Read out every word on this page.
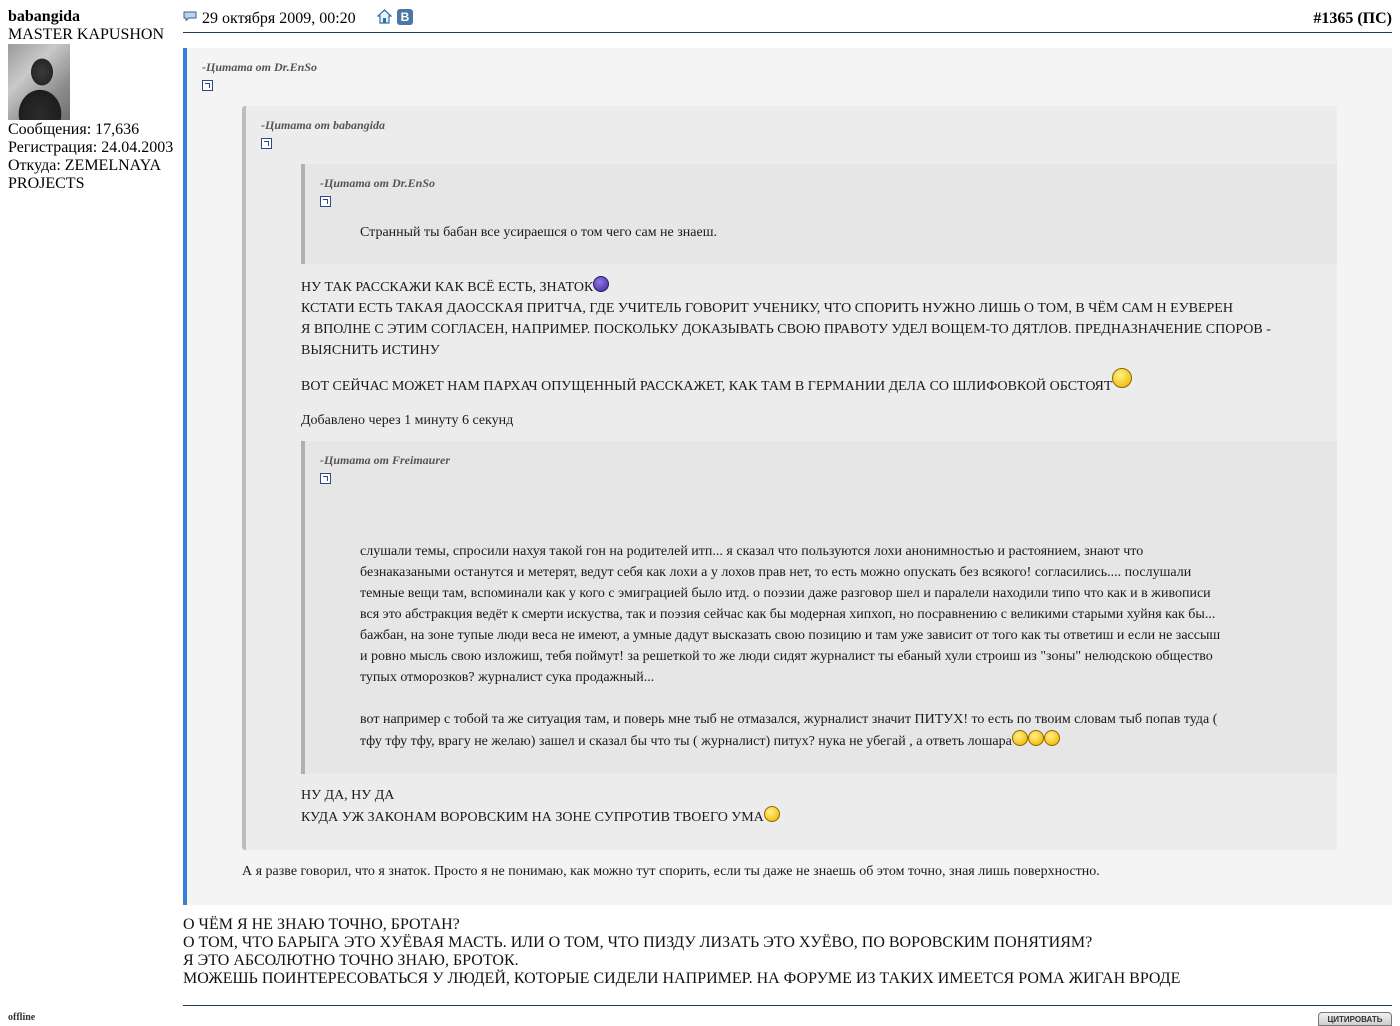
babangida
MASTER KAPUSHON
Сообщения: 17,636
Регистрация: 24.04.2003
Откуда: ZEMELNAYA PROJECTS
offline
29 октября 2009, 00:20	В	#1365 (ПС)
-Цитата от Dr.EnSo
-Цитата от babangida
-Цитата от Dr.EnSo
Странный ты бабан все усираешся о том чего сам не знаеш.
НУ ТАК РАССКАЖИ КАК ВСЁ ЕСТЬ, ЗНАТОК
КСТАТИ ЕСТЬ ТАКАЯ ДАОССКАЯ ПРИТЧА, ГДЕ УЧИТЕЛЬ ГОВОРИТ УЧЕНИКУ, ЧТО СПОРИТЬ НУЖНО ЛИШЬ О ТОМ, В ЧЁМ САМ Н ЕУВЕРЕН
Я ВПОЛНЕ С ЭТИМ СОГЛАСЕН, НАПРИМЕР. ПОСКОЛЬКУ ДОКАЗЫВАТЬ СВОЮ ПРАВОТУ УДЕЛ ВОЩЕМ-ТО ДЯТЛОВ. ПРЕДНАЗНАЧЕНИЕ СПОРОВ -
ВЫЯСНИТЬ ИСТИНУ
ВОТ СЕЙЧАС МОЖЕТ НАМ ПАРХАЧ ОПУЩЕННЫЙ РАССКАЖЕТ, КАК ТАМ В ГЕРМАНИИ ДЕЛА СО ШЛИФОВКОЙ ОБСТОЯТ
Добавлено через 1 минуту 6 секунд
-Цитата от Freimaurer
слушали темы, спросили нахуя такой гон на родителей итп... я сказал что пользуются лохи анонимностью и растоянием, знают что
безнаказаными останутся и метерят, ведут себя как лохи а у лохов прав нет, то есть можно опускать без всякого! согласились.... послушали
темные вещи там, вспоминали как у кого с эмиграцией было итд. о поэзии даже разговор шел и паралели находили типо что как и в живописи
вся это абстракция ведёт к смерти искуства, так и поэзия сейчас как бы модерная хипхоп, но посравнению с великими старыми хуйня как бы...
бажбан, на зоне тупые люди веса не имеют, а умные дадут высказать свою позицию и там уже зависит от того как ты ответиш и если не зассыш
и ровно мысль свою изложиш, тебя поймут! за решеткой то же люди сидят журналист ты ебаный хули строиш из "зоны" нелюдскою общество
тупых отморозков? журналист сука продажный...
вот например с тобой та же ситуация там, и поверь мне тыб не отмазался, журналист значит ПИТУХ! то есть по твоим словам тыб попав туда (
тфу тфу тфу, врагу не желаю) зашел и сказал бы что ты ( журналист) питух? нука не убегай , а ответь лошара
НУ ДА, НУ ДА
КУДА УЖ ЗАКОНАМ ВОРОВСКИМ НА ЗОНЕ СУПРОТИВ ТВОЕГО УМА
А я разве говорил, что я знаток. Просто я не понимаю, как можно тут спорить, если ты даже не знаешь об этом точно, зная лишь поверхностно.
О ЧЁМ Я НЕ ЗНАЮ ТОЧНО, БРОТАН?
О ТОМ, ЧТО БАРЫГА ЭТО ХУЁВАЯ МАСТЬ. ИЛИ О ТОМ, ЧТО ПИЗДУ ЛИЗАТЬ ЭТО ХУЁВО, ПО ВОРОВСКИМ ПОНЯТИЯМ?
Я ЭТО АБСОЛЮТНО ТОЧНО ЗНАЮ, БРОТОК.
МОЖЕШЬ ПОИНТЕРЕСОВАТЬСЯ У ЛЮДЕЙ, КОТОРЫЕ СИДЕЛИ НАПРИМЕР. НА ФОРУМЕ ИЗ ТАКИХ ИМЕЕТСЯ РОМА ЖИГАН ВРОДЕ
ЦИТИРОВАТЬ
